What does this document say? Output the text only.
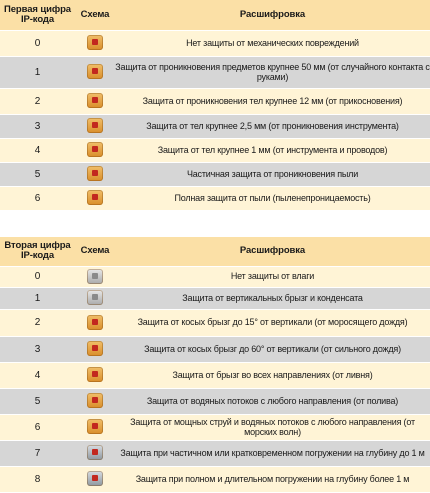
Первая цифра IP-кода	Схема	Расшифровка
0		Нет защиты от механических повреждений
1		Защита от проникновения предметов крупнее 50 мм (от случайного контакта с руками)
2		Защита от проникновения тел крупнее 12 мм (от прикосновения)
3		Защита от тел крупнее 2,5 мм (от проникновения инструмента)
4		Защита от тел крупнее 1 мм (от инструмента и проводов)
5		Частичная защита от проникновения пыли
6		Полная защита от пыли (пыленепроницаемость)
Вторая цифра IP-кода	Схема	Расшифровка
0		Нет защиты от влаги
1		Защита от вертикальных брызг и конденсата
2		Защита от косых брызг до 15° от вертикали (от моросящего дождя)
3		Защита от косых брызг до 60° от вертикали (от сильного дождя)
4		Защита от брызг во всех направлениях (от ливня)
5		Защита от водяных потоков с любого направления (от полива)
6		Защита от мощных струй и водяных потоков с любого направления (от морских волн)
7		Защита при частичном или кратковременном погружении на глубину до 1 м
8		Защита при полном и длительном погружении на глубину более 1 м
